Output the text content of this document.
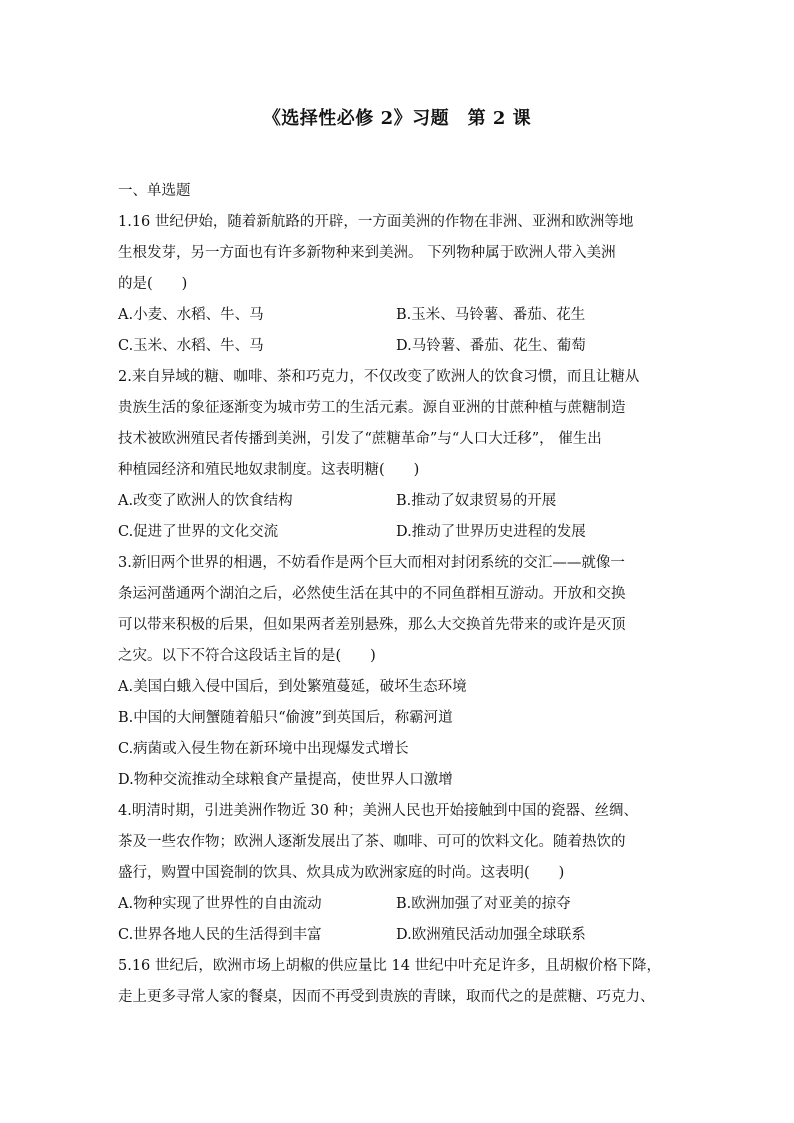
《选择性必修 2》习题　第 2 课
一、单选题
1.16 世纪伊始，随着新航路的开辟，一方面美洲的作物在非洲、亚洲和欧洲等地
生根发芽，另一方面也有许多新物种来到美洲。 下列物种属于欧洲人带入美洲
的是(　　)
A.小麦、水稻、牛、马	B.玉米、马铃薯、番茄、花生
C.玉米、水稻、牛、马	D.马铃薯、番茄、花生、葡萄
2.来自异域的糖、咖啡、茶和巧克力，不仅改变了欧洲人的饮食习惯，而且让糖从
贵族生活的象征逐渐变为城市劳工的生活元素。源自亚洲的甘蔗种植与蔗糖制造
技术被欧洲殖民者传播到美洲，引发了“蔗糖革命”与“人口大迁移”， 催生出
种植园经济和殖民地奴隶制度。这表明糖(　　)
A.改变了欧洲人的饮食结构	B.推动了奴隶贸易的开展
C.促进了世界的文化交流	D.推动了世界历史进程的发展
3.新旧两个世界的相遇，不妨看作是两个巨大而相对封闭系统的交汇——就像一
条运河凿通两个湖泊之后，必然使生活在其中的不同鱼群相互游动。开放和交换
可以带来积极的后果，但如果两者差别悬殊，那么大交换首先带来的或许是灭顶
之灾。以下不符合这段话主旨的是(　　)
A.美国白蛾入侵中国后，到处繁殖蔓延，破坏生态环境
B.中国的大闸蟹随着船只“偷渡”到英国后，称霸河道
C.病菌或入侵生物在新环境中出现爆发式增长
D.物种交流推动全球粮食产量提高，使世界人口激增
4.明清时期，引进美洲作物近 30 种；美洲人民也开始接触到中国的瓷器、丝绸、
茶及一些农作物；欧洲人逐渐发展出了茶、咖啡、可可的饮料文化。随着热饮的
盛行，购置中国瓷制的饮具、炊具成为欧洲家庭的时尚。这表明(　　)
A.物种实现了世界性的自由流动	B.欧洲加强了对亚美的掠夺
C.世界各地人民的生活得到丰富	D.欧洲殖民活动加强全球联系
5.16 世纪后，欧洲市场上胡椒的供应量比 14 世纪中叶充足许多，且胡椒价格下降，
走上更多寻常人家的餐桌，因而不再受到贵族的青睐，取而代之的是蔗糖、巧克力、
